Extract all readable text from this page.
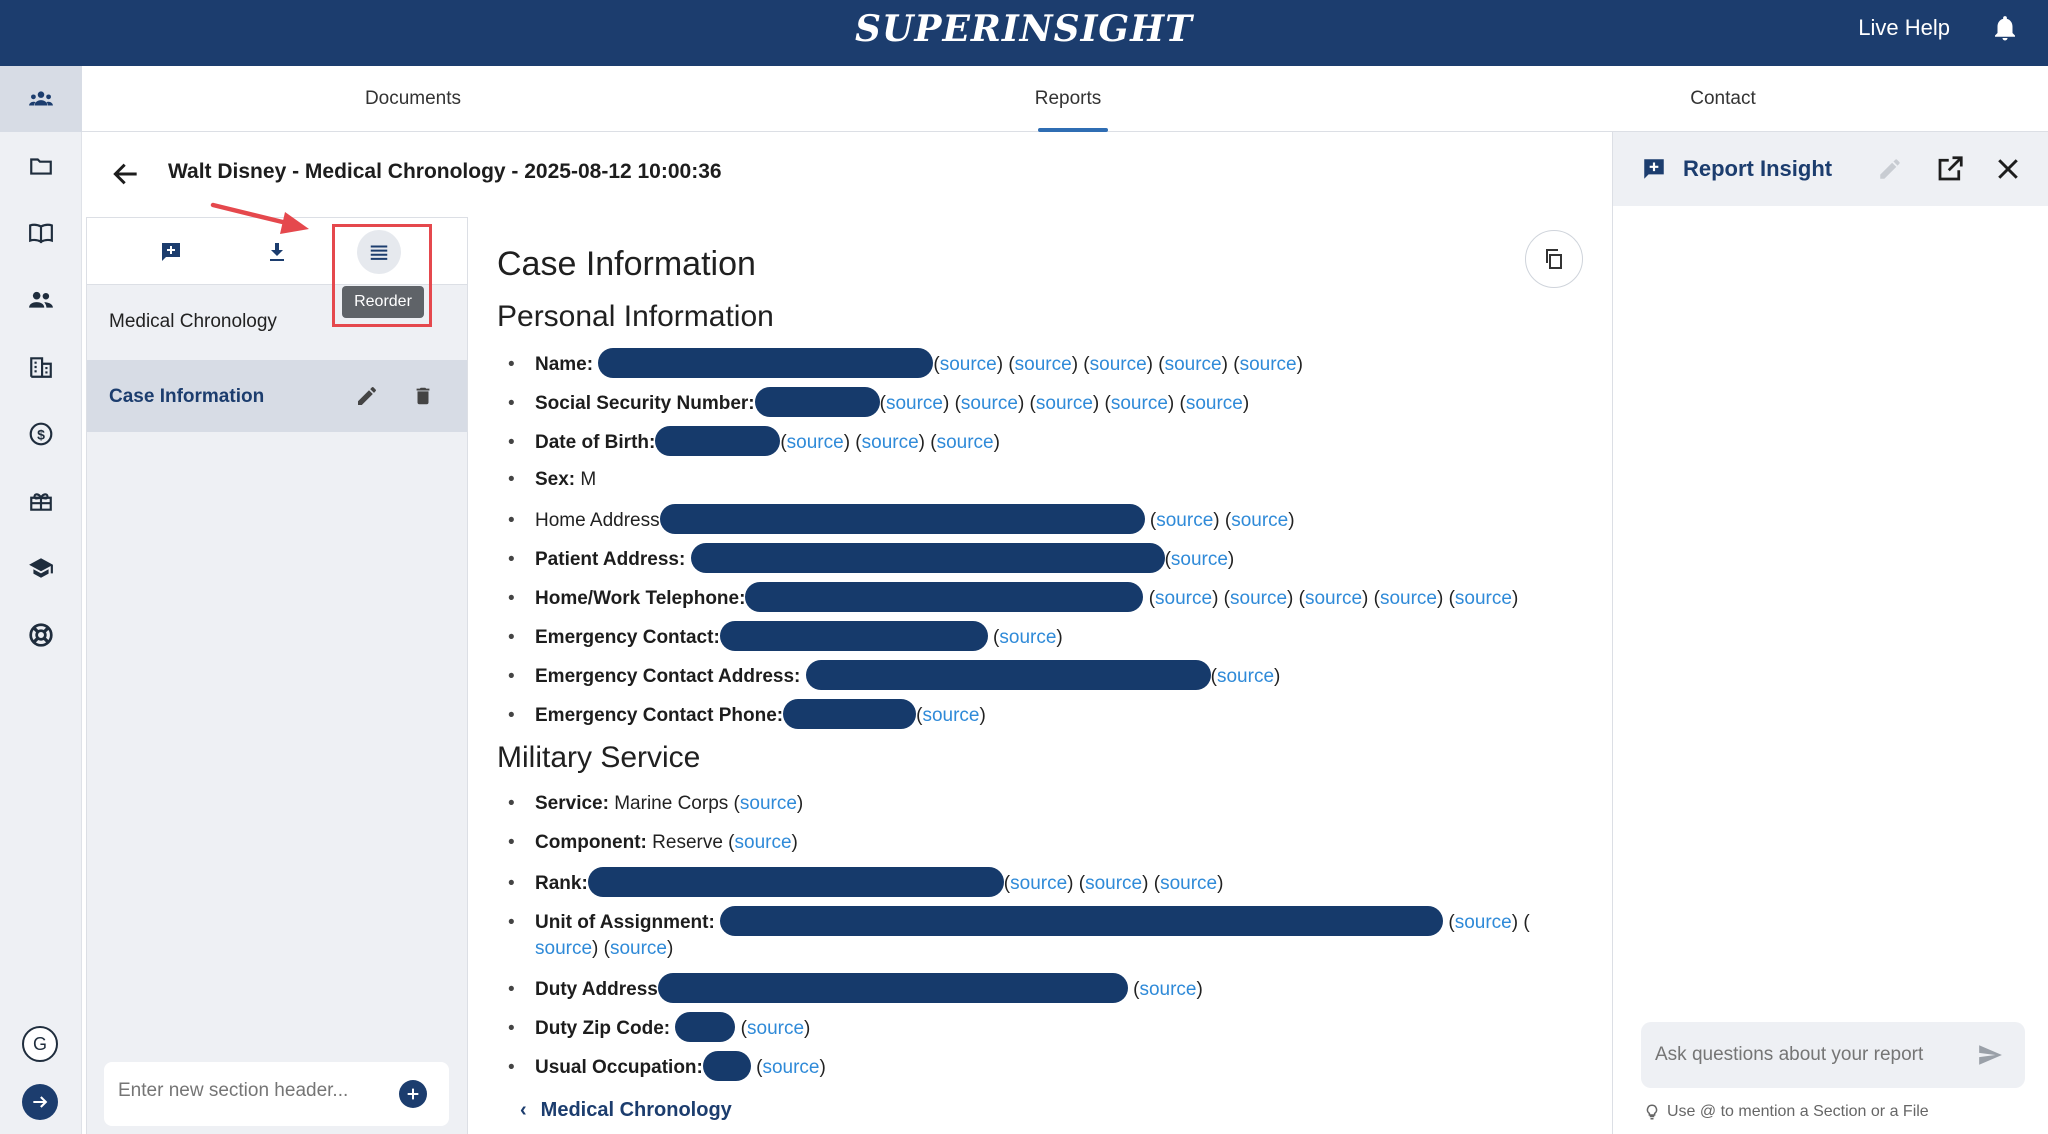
SUPERINSIGHT	Live Help
$
G
Documents	Reports	Contact
Walt Disney - Medical Chronology - 2025-08-12 10:00:36
Medical Chronology
Case Information
Reorder
Enter new section header...
Case Information
Personal Information
• Name:	(source) (source) (source) (source) (source)
• Social Security Number:	(source) (source) (source) (source) (source)
• Date of Birth:	(source) (source) (source)
• Sex: M
• Home Address	(source) (source)
• Patient Address:	(source)
• Home/Work Telephone:	(source) (source) (source) (source) (source)
• Emergency Contact:	(source)
• Emergency Contact Address:	(source)
• Emergency Contact Phone:	(source)
Military Service
• Service: Marine Corps (source)
• Component: Reserve (source)
• Rank:	(source) (source) (source)
• Unit of Assignment:	(source) (
source) (source)
• Duty Address	(source)
• Duty Zip Code:	(source)
• Usual Occupation:	(source)
‹ Medical Chronology
Report Insight
Ask questions about your report
Use @ to mention a Section or a File
